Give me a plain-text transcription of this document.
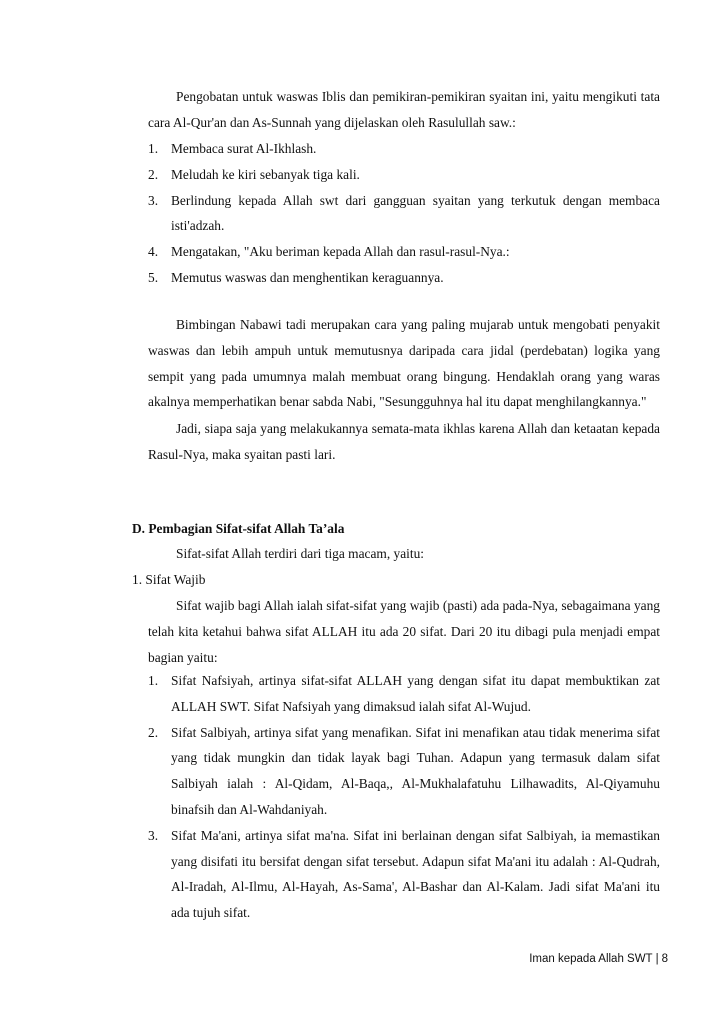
Pengobatan untuk waswas Iblis dan pemikiran-pemikiran syaitan ini, yaitu mengikuti tata cara Al-Qur'an dan As-Sunnah yang dijelaskan oleh Rasulullah saw.:

1. Membaca surat Al-Ikhlash.
2. Meludah ke kiri sebanyak tiga kali.
3. Berlindung kepada Allah swt dari gangguan syaitan yang terkutuk dengan membaca isti'adzah.
4. Mengatakan, "Aku beriman kepada Allah dan rasul-rasul-Nya.:
5. Memutus waswas dan menghentikan keraguannya.

Bimbingan Nabawi tadi merupakan cara yang paling mujarab untuk mengobati penyakit waswas dan lebih ampuh untuk memutusnya daripada cara jidal (perdebatan) logika yang sempit yang pada umumnya malah membuat orang bingung. Hendaklah orang yang waras akalnya memperhatikan benar sabda Nabi, "Sesungguhnya hal itu dapat menghilangkannya."

Jadi, siapa saja yang melakukannya semata-mata ikhlas karena Allah dan ketaatan kepada Rasul-Nya, maka syaitan pasti lari.

D. Pembagian Sifat-sifat Allah Ta’ala

Sifat-sifat Allah terdiri dari tiga macam, yaitu:

1. Sifat Wajib

Sifat wajib bagi Allah ialah sifat-sifat yang wajib (pasti) ada pada-Nya, sebagaimana yang telah kita ketahui bahwa sifat ALLAH itu ada 20 sifat. Dari 20 itu dibagi pula menjadi empat bagian yaitu:

1. Sifat Nafsiyah, artinya sifat-sifat ALLAH yang dengan sifat itu dapat membuktikan zat ALLAH SWT. Sifat Nafsiyah yang dimaksud ialah sifat Al-Wujud.
2. Sifat Salbiyah, artinya sifat yang menafikan. Sifat ini menafikan atau tidak menerima sifat yang tidak mungkin dan tidak layak bagi Tuhan. Adapun yang termasuk dalam sifat Salbiyah ialah : Al-Qidam, Al-Baqa,, Al-Mukhalafatuhu Lilhawadits, Al-Qiyamuhu binafsih dan Al-Wahdaniyah.
3. Sifat Ma'ani, artinya sifat ma'na. Sifat ini berlainan dengan sifat Salbiyah, ia memastikan yang disifati itu bersifat dengan sifat tersebut. Adapun sifat Ma'ani itu adalah : Al-Qudrah, Al-Iradah, Al-Ilmu, Al-Hayah, As-Sama', Al-Bashar dan Al-Kalam. Jadi sifat Ma'ani itu ada tujuh sifat.
Iman kepada Allah SWT | 8
